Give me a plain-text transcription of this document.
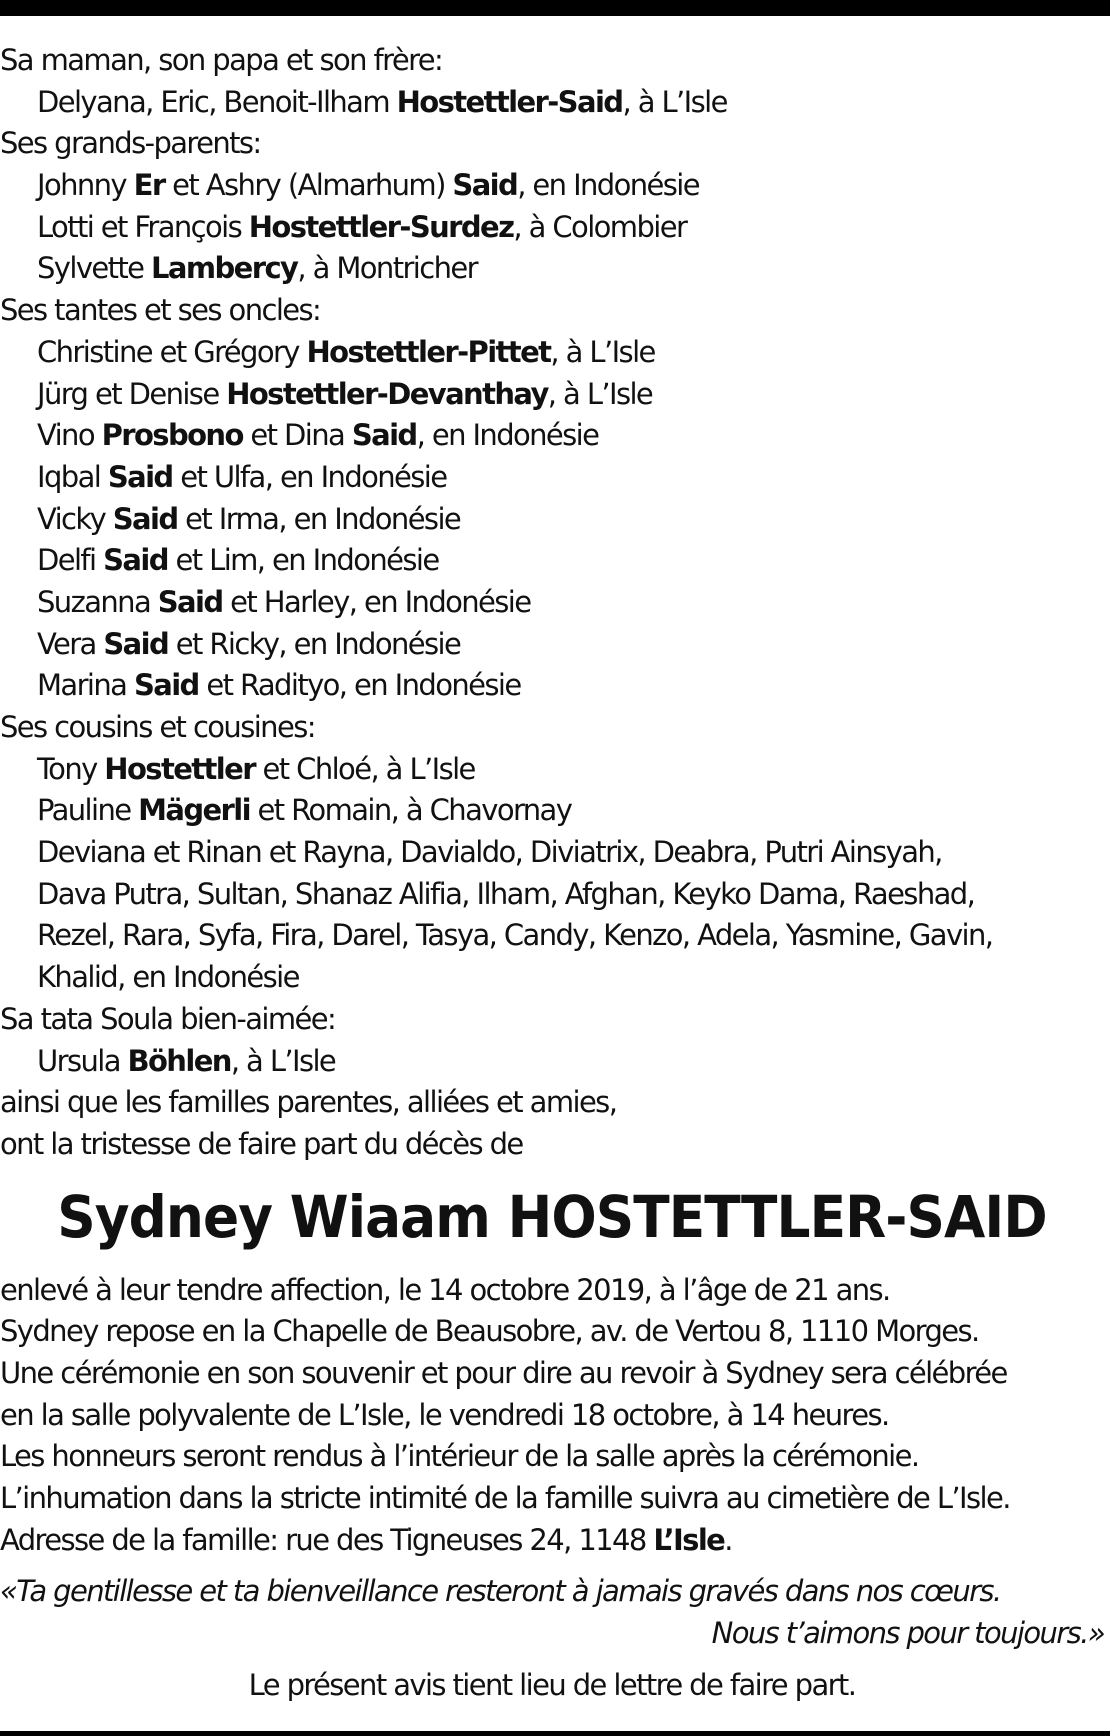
Sa maman, son papa et son frère:
Delyana, Eric, Benoit-Ilham Hostettler-Said, à L’Isle
Ses grands-parents:
Johnny Er et Ashry (Almarhum) Said, en Indonésie
Lotti et François Hostettler-Surdez, à Colombier
Sylvette Lambercy, à Montricher
Ses tantes et ses oncles:
Christine et Grégory Hostettler-Pittet, à L’Isle
Jürg et Denise Hostettler-Devanthay, à L’Isle
Vino Prosbono et Dina Said, en Indonésie
Iqbal Said et Ulfa, en Indonésie
Vicky Said et Irma, en Indonésie
Delfi Said et Lim, en Indonésie
Suzanna Said et Harley, en Indonésie
Vera Said et Ricky, en Indonésie
Marina Said et Radityo, en Indonésie
Ses cousins et cousines:
Tony Hostettler et Chloé, à L’Isle
Pauline Mägerli et Romain, à Chavornay
Deviana et Rinan et Rayna, Davialdo, Diviatrix, Deabra, Putri Ainsyah,
Dava Putra, Sultan, Shanaz Alifia, Ilham, Afghan, Keyko Dama, Raeshad,
Rezel, Rara, Syfa, Fira, Darel, Tasya, Candy, Kenzo, Adela, Yasmine, Gavin,
Khalid, en Indonésie
Sa tata Soula bien-aimée:
Ursula Böhlen, à L’Isle
ainsi que les familles parentes, alliées et amies,
ont la tristesse de faire part du décès de
Sydney Wiaam HOSTETTLER-SAID
enlevé à leur tendre affection, le 14 octobre 2019, à l’âge de 21 ans.
Sydney repose en la Chapelle de Beausobre, av. de Vertou 8, 1110 Morges.
Une cérémonie en son souvenir et pour dire au revoir à Sydney sera célébrée
en la salle polyvalente de L’Isle, le vendredi 18 octobre, à 14 heures.
Les honneurs seront rendus à l’intérieur de la salle après la cérémonie.
L’inhumation dans la stricte intimité de la famille suivra au cimetière de L’Isle.
Adresse de la famille: rue des Tigneuses 24, 1148 L’Isle.
«Ta gentillesse et ta bienveillance resteront à jamais gravés dans nos cœurs.
Nous t’aimons pour toujours.»
Le présent avis tient lieu de lettre de faire part.
